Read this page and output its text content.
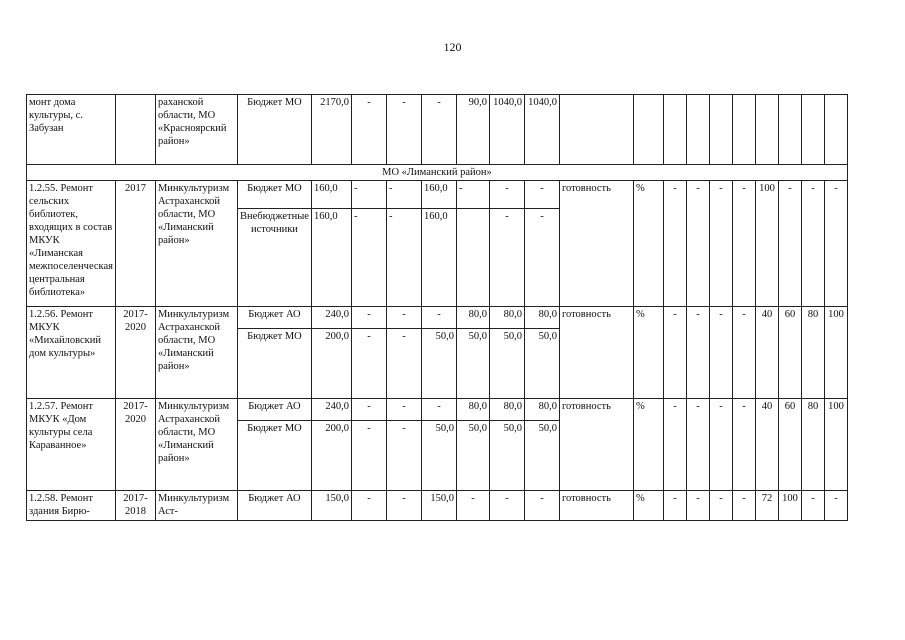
120
монт дома культуры, с. Забузан		раханской области, МО «Красноярский район»	Бюджет МО	2170,0	-	-	-	90,0	1040,0	1040,0										
МО «Лиманский район»																				
1.2.55. Ремонт сельских библиотек, входящих в состав МКУК «Лиманская межпоселенческая центральная библиотека»	2017	Минкультуризм Астраханской области, МО «Лиманский район»	Бюджет МО	160,0	-	-	160,0	-	-	-	готовность	%	-	-	-	-	100	-	-	-
			Внебюджетные источники	160,0	-	-	160,0		-	-										
1.2.56. Ремонт МКУК «Михайловский дом культуры»	2017-2020	Минкультуризм Астраханской области, МО «Лиманский район»	Бюджет АО	240,0	-	-	-	80,0	80,0	80,0	готовность	%	-	-	-	-	40	60	80	100
			Бюджет МО	200,0	-	-	50,0	50,0	50,0	50,0										
1.2.57. Ремонт МКУК «Дом культуры села Караванное»	2017-2020	Минкультуризм Астраханской области, МО «Лиманский район»	Бюджет АО	240,0	-	-	-	80,0	80,0	80,0	готовность	%	-	-	-	-	40	60	80	100
			Бюджет МО	200,0	-	-	50,0	50,0	50,0	50,0										
1.2.58. Ремонт здания Бирю-	2017-2018	Минкультуризм Аст-	Бюджет АО	150,0	-	-	150,0	-	-	-	готовность	%	-	-	-	-	72	100	-	-
